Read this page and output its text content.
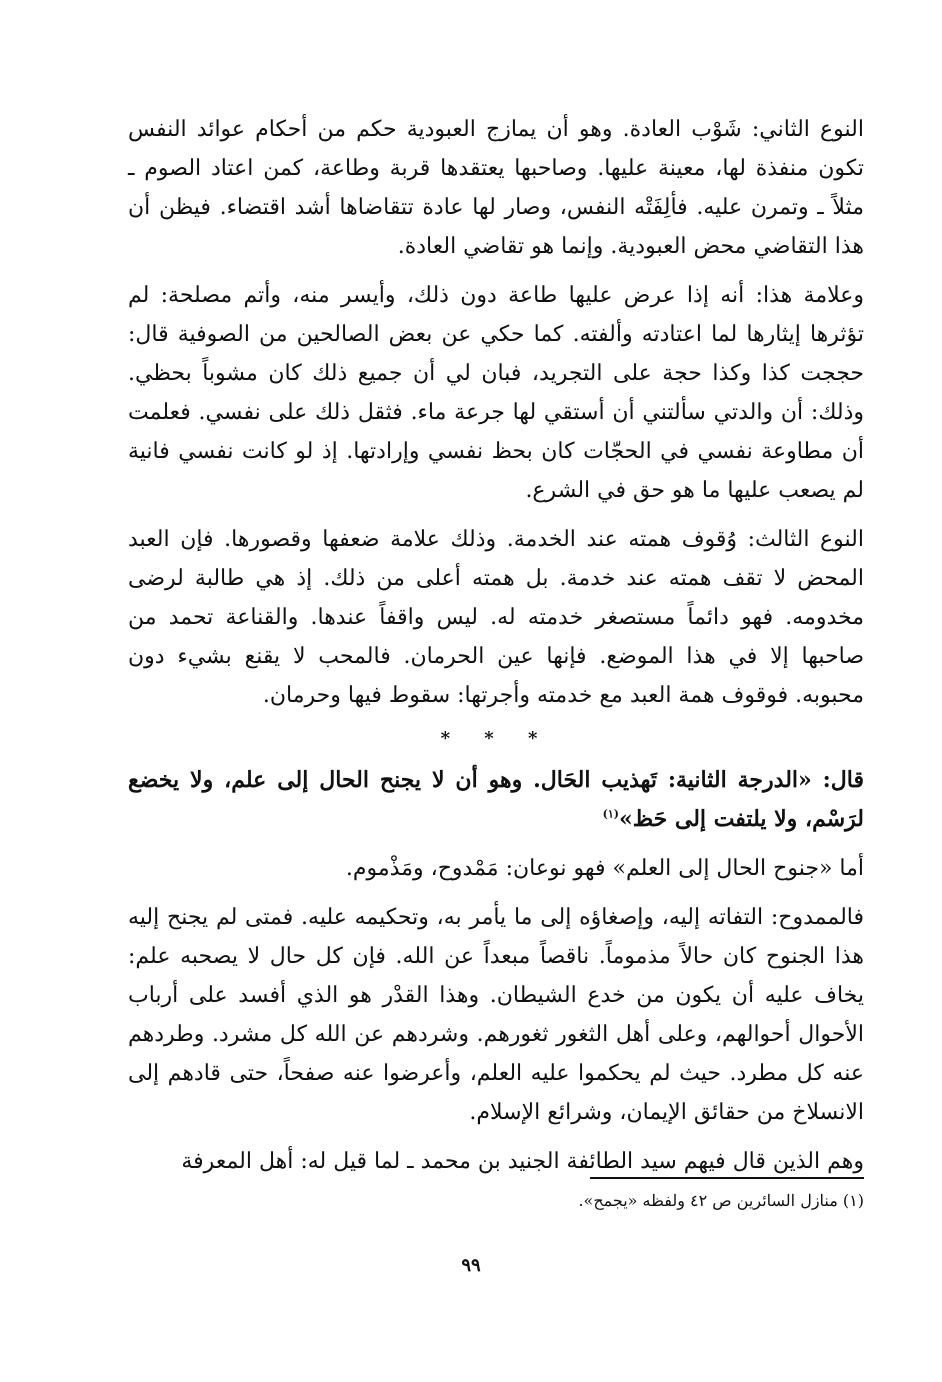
النوع الثاني: شَوْب العادة. وهو أن يمازج العبودية حكم من أحكام عوائد النفس تكون منفذة لها، معينة عليها. وصاحبها يعتقدها قربة وطاعة، كمن اعتاد الصوم ـ مثلاً ـ وتمرن عليه. فألِفَتْه النفس، وصار لها عادة تتقاضاها أشد اقتضاء. فيظن أن هذا التقاضي محض العبودية. وإنما هو تقاضي العادة.

وعلامة هذا: أنه إذا عرض عليها طاعة دون ذلك، وأيسر منه، وأتم مصلحة: لم تؤثرها إيثارها لما اعتادته وألفته. كما حكي عن بعض الصالحين من الصوفية قال: حججت كذا وكذا حجة على التجريد، فبان لي أن جميع ذلك كان مشوباً بحظي. وذلك: أن والدتي سألتني أن أستقي لها جرعة ماء. فثقل ذلك على نفسي. فعلمت أن مطاوعة نفسي في الحجّات كان بحظ نفسي وإرادتها. إذ لو كانت نفسي فانية لم يصعب عليها ما هو حق في الشرع.

النوع الثالث: وُقوف همته عند الخدمة. وذلك علامة ضعفها وقصورها. فإن العبد المحض لا تقف همته عند خدمة. بل همته أعلى من ذلك. إذ هي طالبة لرضى مخدومه. فهو دائماً مستصغر خدمته له. ليس واقفاً عندها. والقناعة تحمد من صاحبها إلا في هذا الموضع. فإنها عين الحرمان. فالمحب لا يقنع بشيء دون محبوبه. فوقوف همة العبد مع خدمته وأجرتها: سقوط فيها وحرمان.

* * *

قال: «الدرجة الثانية: تَهذيب الحَال. وهو أن لا يجنح الحال إلى علم، ولا يخضع لرَسْم، ولا يلتفت إلى حَظ»$^{(١)}$

أما «جنوح الحال إلى العلم» فهو نوعان: مَمْدوح، ومَذْموم.

فالممدوح: التفاته إليه، وإصغاؤه إلى ما يأمر به، وتحكيمه عليه. فمتى لم يجنح إليه هذا الجنوح كان حالاً مذموماً. ناقصاً مبعداً عن الله. فإن كل حال لا يصحبه علم: يخاف عليه أن يكون من خدع الشيطان. وهذا القدْر هو الذي أفسد على أرباب الأحوال أحوالهم، وعلى أهل الثغور ثغورهم. وشردهم عن الله كل مشرد. وطردهم عنه كل مطرد. حيث لم يحكموا عليه العلم، وأعرضوا عنه صفحاً، حتى قادهم إلى الانسلاخ من حقائق الإيمان، وشرائع الإسلام.

وهم الذين قال فيهم سيد الطائفة الجنيد بن محمد ـ لما قيل له: أهل المعرفة

(١) منازل السائرين ص ٤٢ ولفظه «يجمح».
٩٩
